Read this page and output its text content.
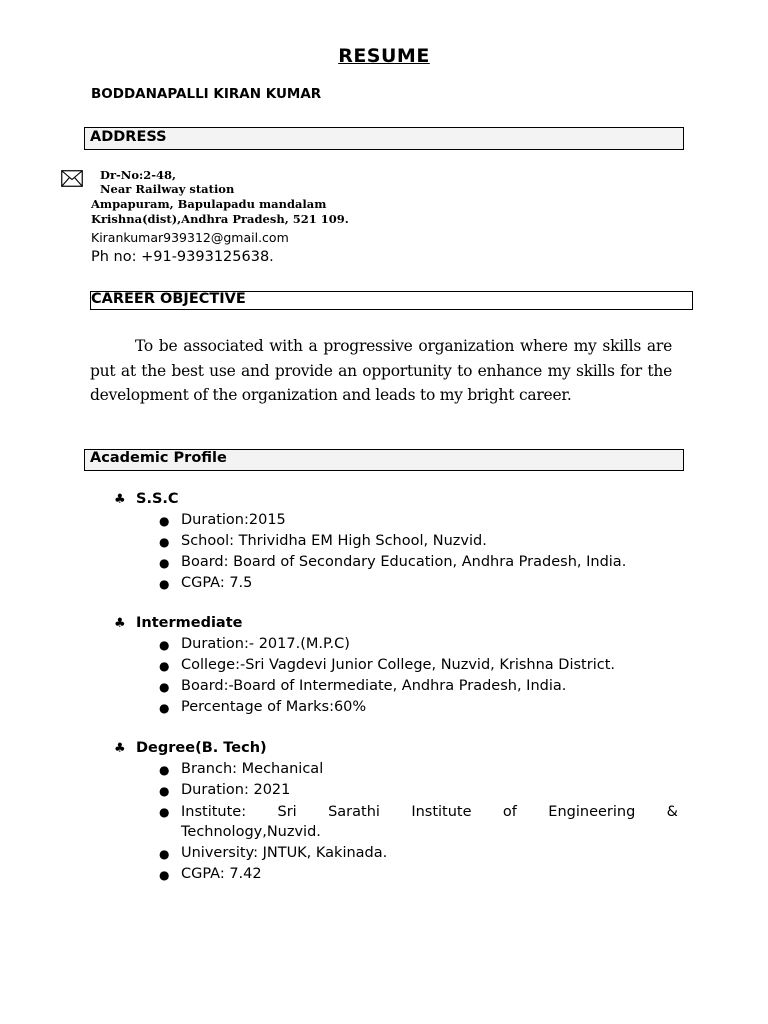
RESUME
BODDANAPALLI KIRAN KUMAR
ADDRESS
Dr-No:2-48,
Near Railway station
Ampapuram, Bapulapadu mandalam
Krishna(dist),Andhra Pradesh, 521 109.
Kirankumar939312@gmail.com
Ph no: +91-9393125638.
CAREER OBJECTIVE
To be associated with a progressive organization where my skills are put at the best use and provide an opportunity to enhance my skills for the development of the organization and leads to my bright career.
Academic Profile
♣ S.S.C
● Duration:2015
● School: Thrividha EM High School, Nuzvid.
● Board: Board of Secondary Education, Andhra Pradesh, India.
● CGPA: 7.5
♣ Intermediate
● Duration:- 2017.(M.P.C)
● College:-Sri Vagdevi Junior College, Nuzvid, Krishna District.
● Board:-Board of Intermediate, Andhra Pradesh, India.
● Percentage of Marks:60%
♣ Degree(B. Tech)
● Branch: Mechanical
● Duration: 2021
● Institute: Sri Sarathi Institute of Engineering &
Technology,Nuzvid.
● University: JNTUK, Kakinada.
● CGPA: 7.42
